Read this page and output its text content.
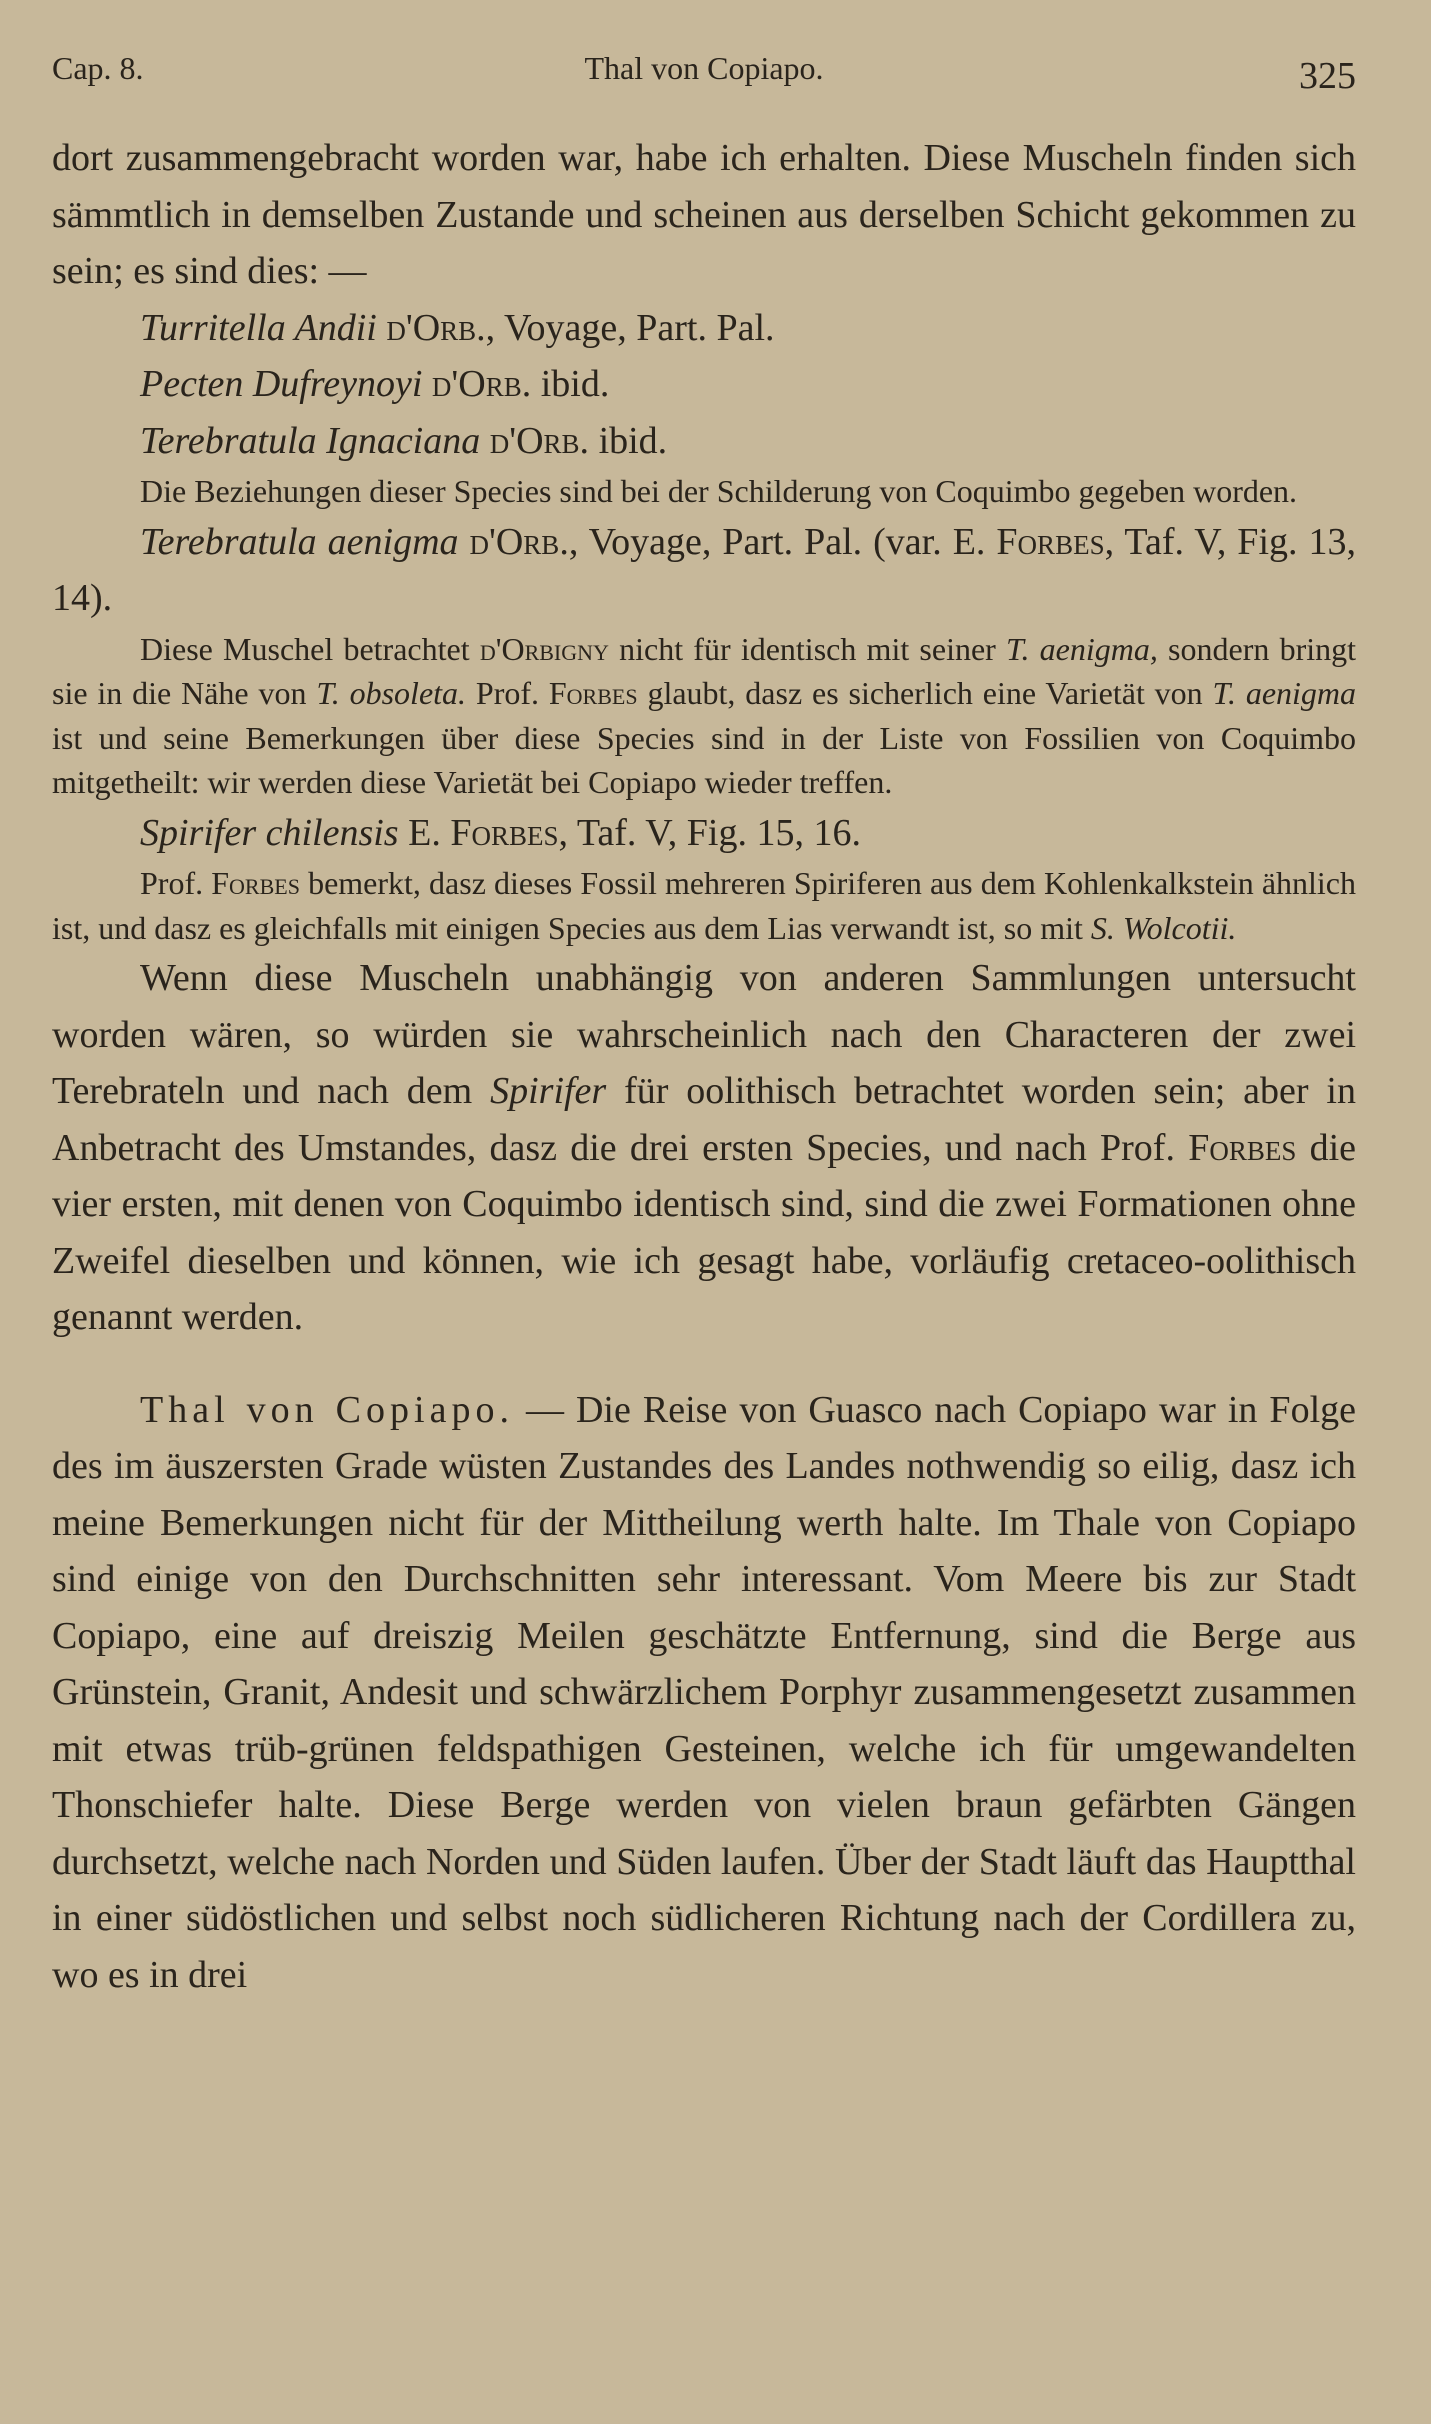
Cap. 8.	Thal von Copiapo.	325

dort zusammengebracht worden war, habe ich erhalten. Diese Muscheln finden sich sämmtlich in demselben Zustande und scheinen aus derselben Schicht gekommen zu sein; es sind dies: —

Turritella Andii d'Orb., Voyage, Part. Pal.

Pecten Dufreynoyi d'Orb. ibid.

Terebratula Ignaciana d'Orb. ibid.

Die Beziehungen dieser Species sind bei der Schilderung von Coquimbo gegeben worden.

Terebratula aenigma d'Orb., Voyage, Part. Pal. (var. E. Forbes, Taf. V, Fig. 13, 14).

Diese Muschel betrachtet d'Orbigny nicht für identisch mit seiner T. aenigma, sondern bringt sie in die Nähe von T. obsoleta. Prof. Forbes glaubt, dasz es sicherlich eine Varietät von T. aenigma ist und seine Bemerkungen über diese Species sind in der Liste von Fossilien von Coquimbo mitgetheilt: wir werden diese Varietät bei Copiapo wieder treffen.

Spirifer chilensis E. Forbes, Taf. V, Fig. 15, 16.

Prof. Forbes bemerkt, dasz dieses Fossil mehreren Spiriferen aus dem Kohlenkalkstein ähnlich ist, und dasz es gleichfalls mit einigen Species aus dem Lias verwandt ist, so mit S. Wolcotii.

Wenn diese Muscheln unabhängig von anderen Sammlungen untersucht worden wären, so würden sie wahrscheinlich nach den Characteren der zwei Terebrateln und nach dem Spirifer für oolithisch betrachtet worden sein; aber in Anbetracht des Umstandes, dasz die drei ersten Species, und nach Prof. Forbes die vier ersten, mit denen von Coquimbo identisch sind, sind die zwei Formationen ohne Zweifel dieselben und können, wie ich gesagt habe, vorläufig cretaceo-oolithisch genannt werden.

Thal von Copiapo. — Die Reise von Guasco nach Copiapo war in Folge des im äuszersten Grade wüsten Zustandes des Landes nothwendig so eilig, dasz ich meine Bemerkungen nicht für der Mittheilung werth halte. Im Thale von Copiapo sind einige von den Durchschnitten sehr interessant. Vom Meere bis zur Stadt Copiapo, eine auf dreiszig Meilen geschätzte Entfernung, sind die Berge aus Grünstein, Granit, Andesit und schwärzlichem Porphyr zusammengesetzt zusammen mit etwas trüb-grünen feldspathigen Gesteinen, welche ich für umgewandelten Thonschiefer halte. Diese Berge werden von vielen braun gefärbten Gängen durchsetzt, welche nach Norden und Süden laufen. Über der Stadt läuft das Hauptthal in einer südöstlichen und selbst noch südlicheren Richtung nach der Cordillera zu, wo es in drei
